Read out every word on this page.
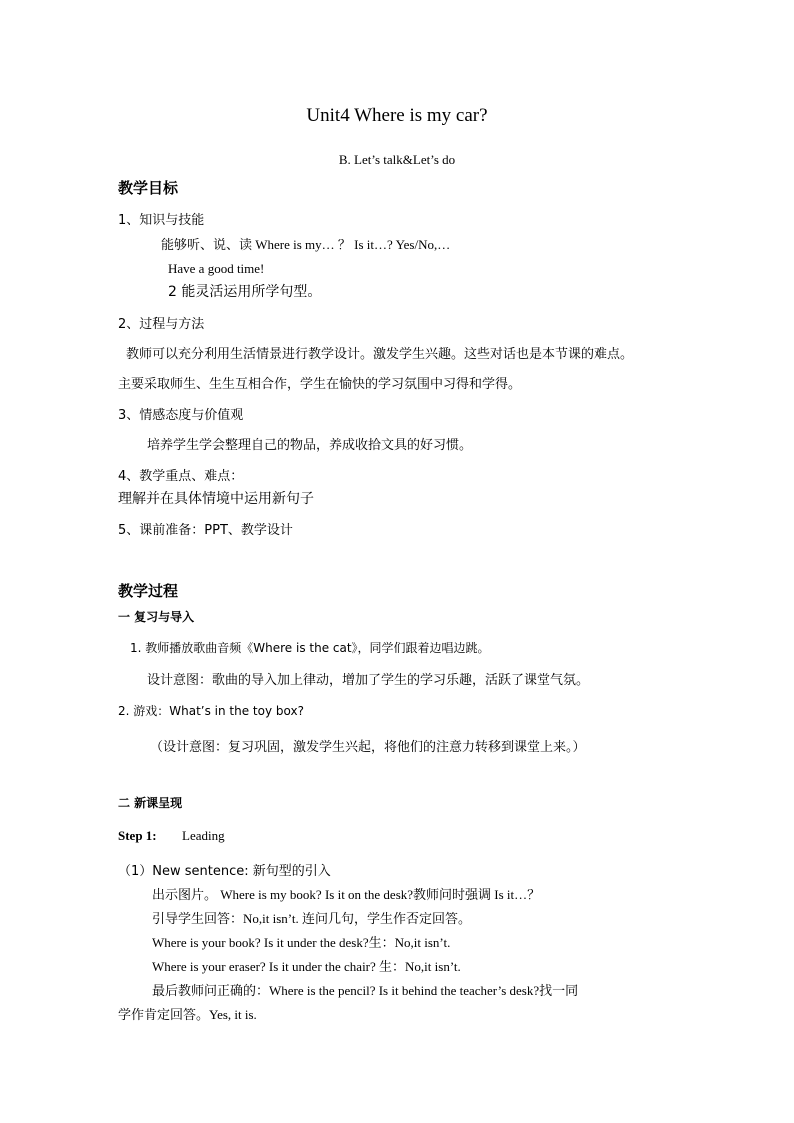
Unit4 Where is my car?
B. Let’s talk&Let’s do
教学目标
1、知识与技能
能够听、说、读 Where is my… ？ Is it…? Yes/No,…
Have a good time!
2 能灵活运用所学句型。
2、过程与方法
教师可以充分利用生活情景进行教学设计。激发学生兴趣。这些对话也是本节课的难点。
主要采取师生、生生互相合作，学生在愉快的学习氛围中习得和学得。
3、情感态度与价值观
培养学生学会整理自己的物品，养成收拾文具的好习惯。
4、教学重点、难点：
理解并在具体情境中运用新句子
5、课前准备：PPT、教学设计
教学过程
一 复习与导入
1. 教师播放歌曲音频《Where is the cat》，同学们跟着边唱边跳。
设计意图：歌曲的导入加上律动，增加了学生的学习乐趣，活跃了课堂气氛。
2. 游戏：What’s in the toy box?
（设计意图：复习巩固，激发学生兴起，将他们的注意力转移到课堂上来。）
二 新课呈现
Step 1: Leading
（1）New sentence: 新句型的引入
出示图片。 Where is my book? Is it on the desk?教师问时强调 Is it…？
引导学生回答：No,it isn’t. 连问几句，学生作否定回答。
Where is your book? Is it under the desk?生：No,it isn’t.
Where is your eraser? Is it under the chair? 生：No,it isn’t.
最后教师问正确的：Where is the pencil? Is it behind the teacher’s desk?找一同
学作肯定回答。Yes, it is.
